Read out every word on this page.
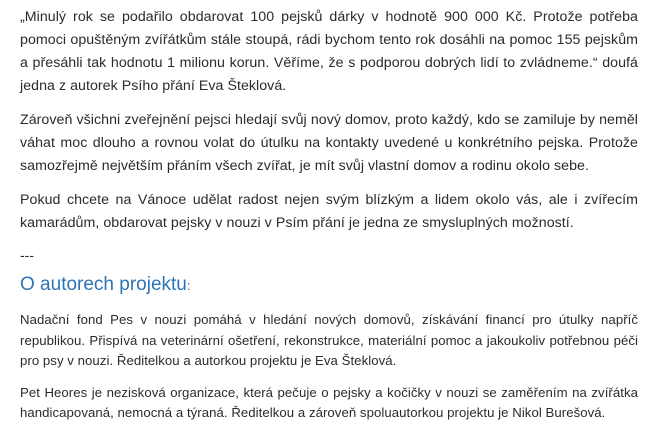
„Minulý rok se podařilo obdarovat 100 pejsků dárky v hodnotě 900 000 Kč. Protože potřeba pomoci opuštěným zvířátkům stále stoupá, rádi bychom tento rok dosáhli na pomoc 155 pejskům a přesáhli tak hodnotu 1 milionu korun. Věříme, že s podporou dobrých lidí to zvládneme.“ doufá jedna z autorek Psího přání Eva Šteklová.

Zároveň všichni zveřejnění pejsci hledají svůj nový domov, proto každý, kdo se zamiluje by neměl váhat moc dlouho a rovnou volat do útulku na kontakty uvedené u konkrétního pejska. Protože samozřejmě největším přáním všech zvířat, je mít svůj vlastní domov a rodinu okolo sebe.

Pokud chcete na Vánoce udělat radost nejen svým blízkým a lidem okolo vás, ale i zvířecím kamarádům, obdarovat pejsky v nouzi v Psím přání je jedna ze smysluplných možností.

---
O autorech projektu:

Nadační fond Pes v nouzi pomáhá v hledání nových domovů, získávání financí pro útulky napříč republikou. Přispívá na veterinární ošetření, rekonstrukce, materiální pomoc a jakoukoliv potřebnou péči pro psy v nouzi. Ředitelkou a autorkou projektu je Eva Šteklová.

Pet Heores je nezisková organizace, která pečuje o pejsky a kočičky v nouzi se zaměřením na zvířátka handicapovaná, nemocná a týraná. Ředitelkou a zároveň spoluautorkou projektu je Nikol Burešová.
